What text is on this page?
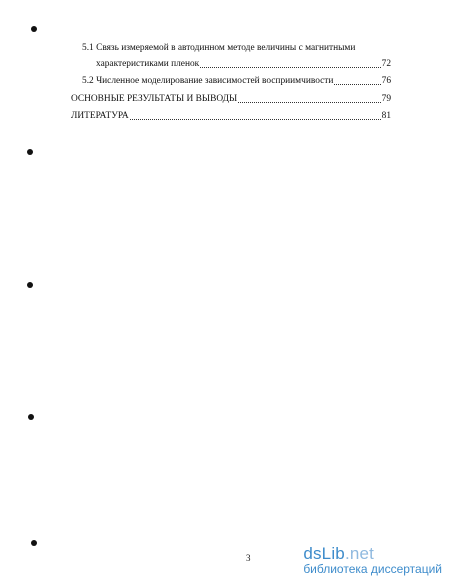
5.1 Связь измеряемой в автодинном методе величины с магнитными
характеристиками пленок	72
5.2 Численное моделирование зависимостей восприимчивости	76
ОСНОВНЫЕ РЕЗУЛЬТАТЫ И ВЫВОДЫ	79
ЛИТЕРАТУРА	81
3	dsLib.net
библиотека диссертаций
